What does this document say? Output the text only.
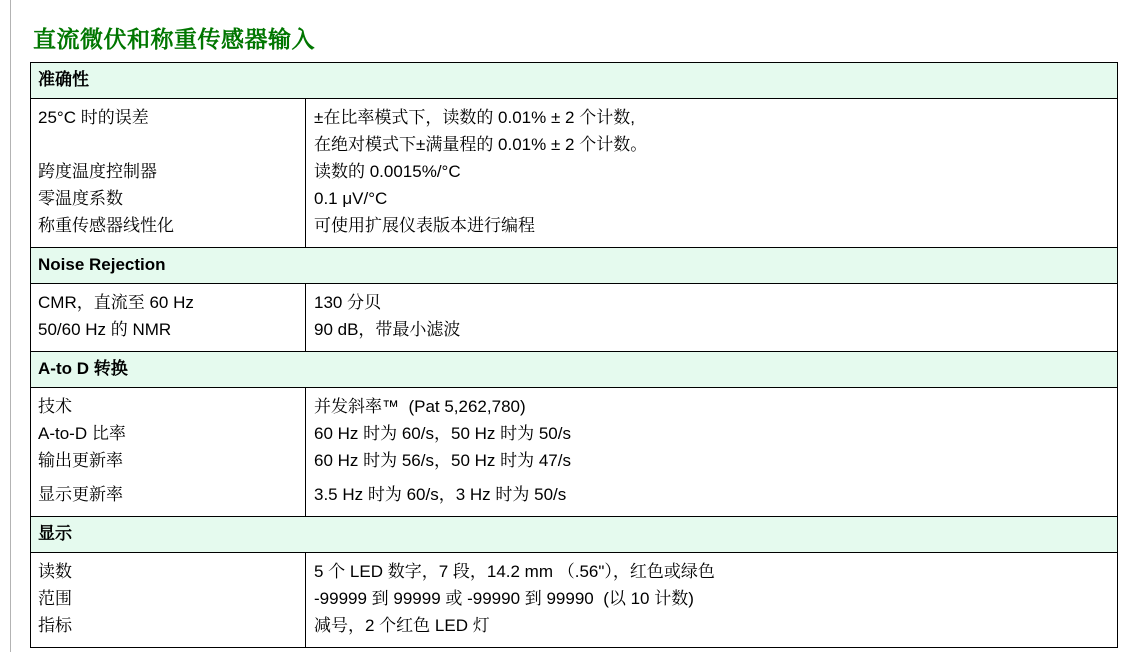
直流微伏和称重传感器输入
准确性
25°C 时的误差
跨度温度控制器
零温度系数
称重传感器线性化
±在比率模式下，读数的 0.01% ± 2 个计数,
在绝对模式下±满量程的 0.01% ± 2 个计数。
读数的 0.0015%/°C
0.1 μV/°C
可使用扩展仪表版本进行编程
Noise Rejection
CMR，直流至 60 Hz
50/60 Hz 的 NMR
130 分贝
90 dB，带最小滤波
A-to D 转换
技术
A-to-D 比率
输出更新率
显示更新率
并发斜率™  (Pat 5,262,780)
60 Hz 时为 60/s，50 Hz 时为 50/s
60 Hz 时为 56/s，50 Hz 时为 47/s
3.5 Hz 时为 60/s，3 Hz 时为 50/s
显示
读数
范围
指标
5 个 LED 数字，7 段，14.2 mm （.56"），红色或绿色
-99999 到 99999 或 -99990 到 99990  (以 10 计数)
减号，2 个红色 LED 灯
